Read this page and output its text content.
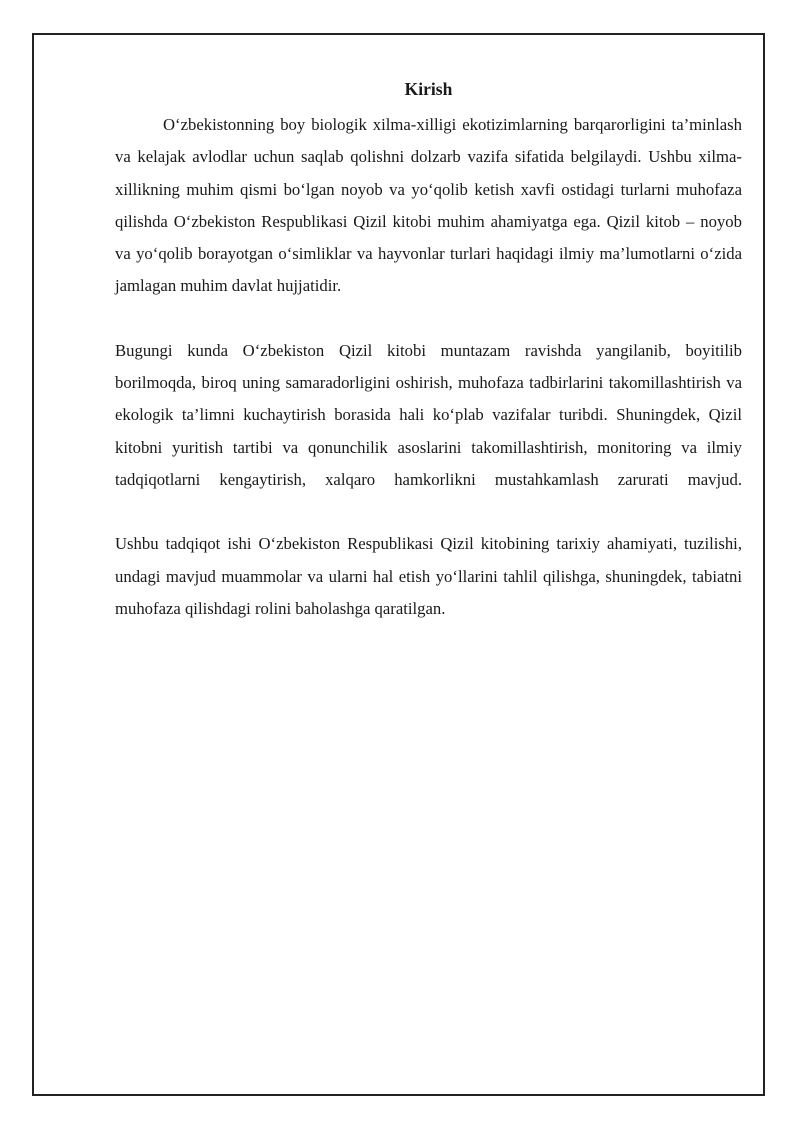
Kirish

O‘zbekistonning boy biologik xilma-xilligi ekotizimlarning barqarorligini ta’minlash va kelajak avlodlar uchun saqlab qolishni dolzarb vazifa sifatida belgilaydi. Ushbu xilma-xillikning muhim qismi bo‘lgan noyob va yo‘qolib ketish xavfi ostidagi turlarni muhofaza qilishda O‘zbekiston Respublikasi Qizil kitobi muhim ahamiyatga ega. Qizil kitob – noyob va yo‘qolib borayotgan o‘simliklar va hayvonlar turlari haqidagi ilmiy ma’lumotlarni o‘zida jamlagan muhim davlat hujjatidir.

Bugungi kunda O‘zbekiston Qizil kitobi muntazam ravishda yangilanib, boyitilib borilmoqda, biroq uning samaradorligini oshirish, muhofaza tadbirlarini takomillashtirish va ekologik ta’limni kuchaytirish borasida hali ko‘plab vazifalar turibdi. Shuningdek, Qizil kitobni yuritish tartibi va qonunchilik asoslarini takomillashtirish, monitoring va ilmiy tadqiqotlarni kengaytirish, xalqaro hamkorlikni mustahkamlash zarurati mavjud.

Ushbu tadqiqot ishi O‘zbekiston Respublikasi Qizil kitobining tarixiy ahamiyati, tuzilishi, undagi mavjud muammolar va ularni hal etish yo‘llarini tahlil qilishga, shuningdek, tabiatni muhofaza qilishdagi rolini baholashga qaratilgan.
